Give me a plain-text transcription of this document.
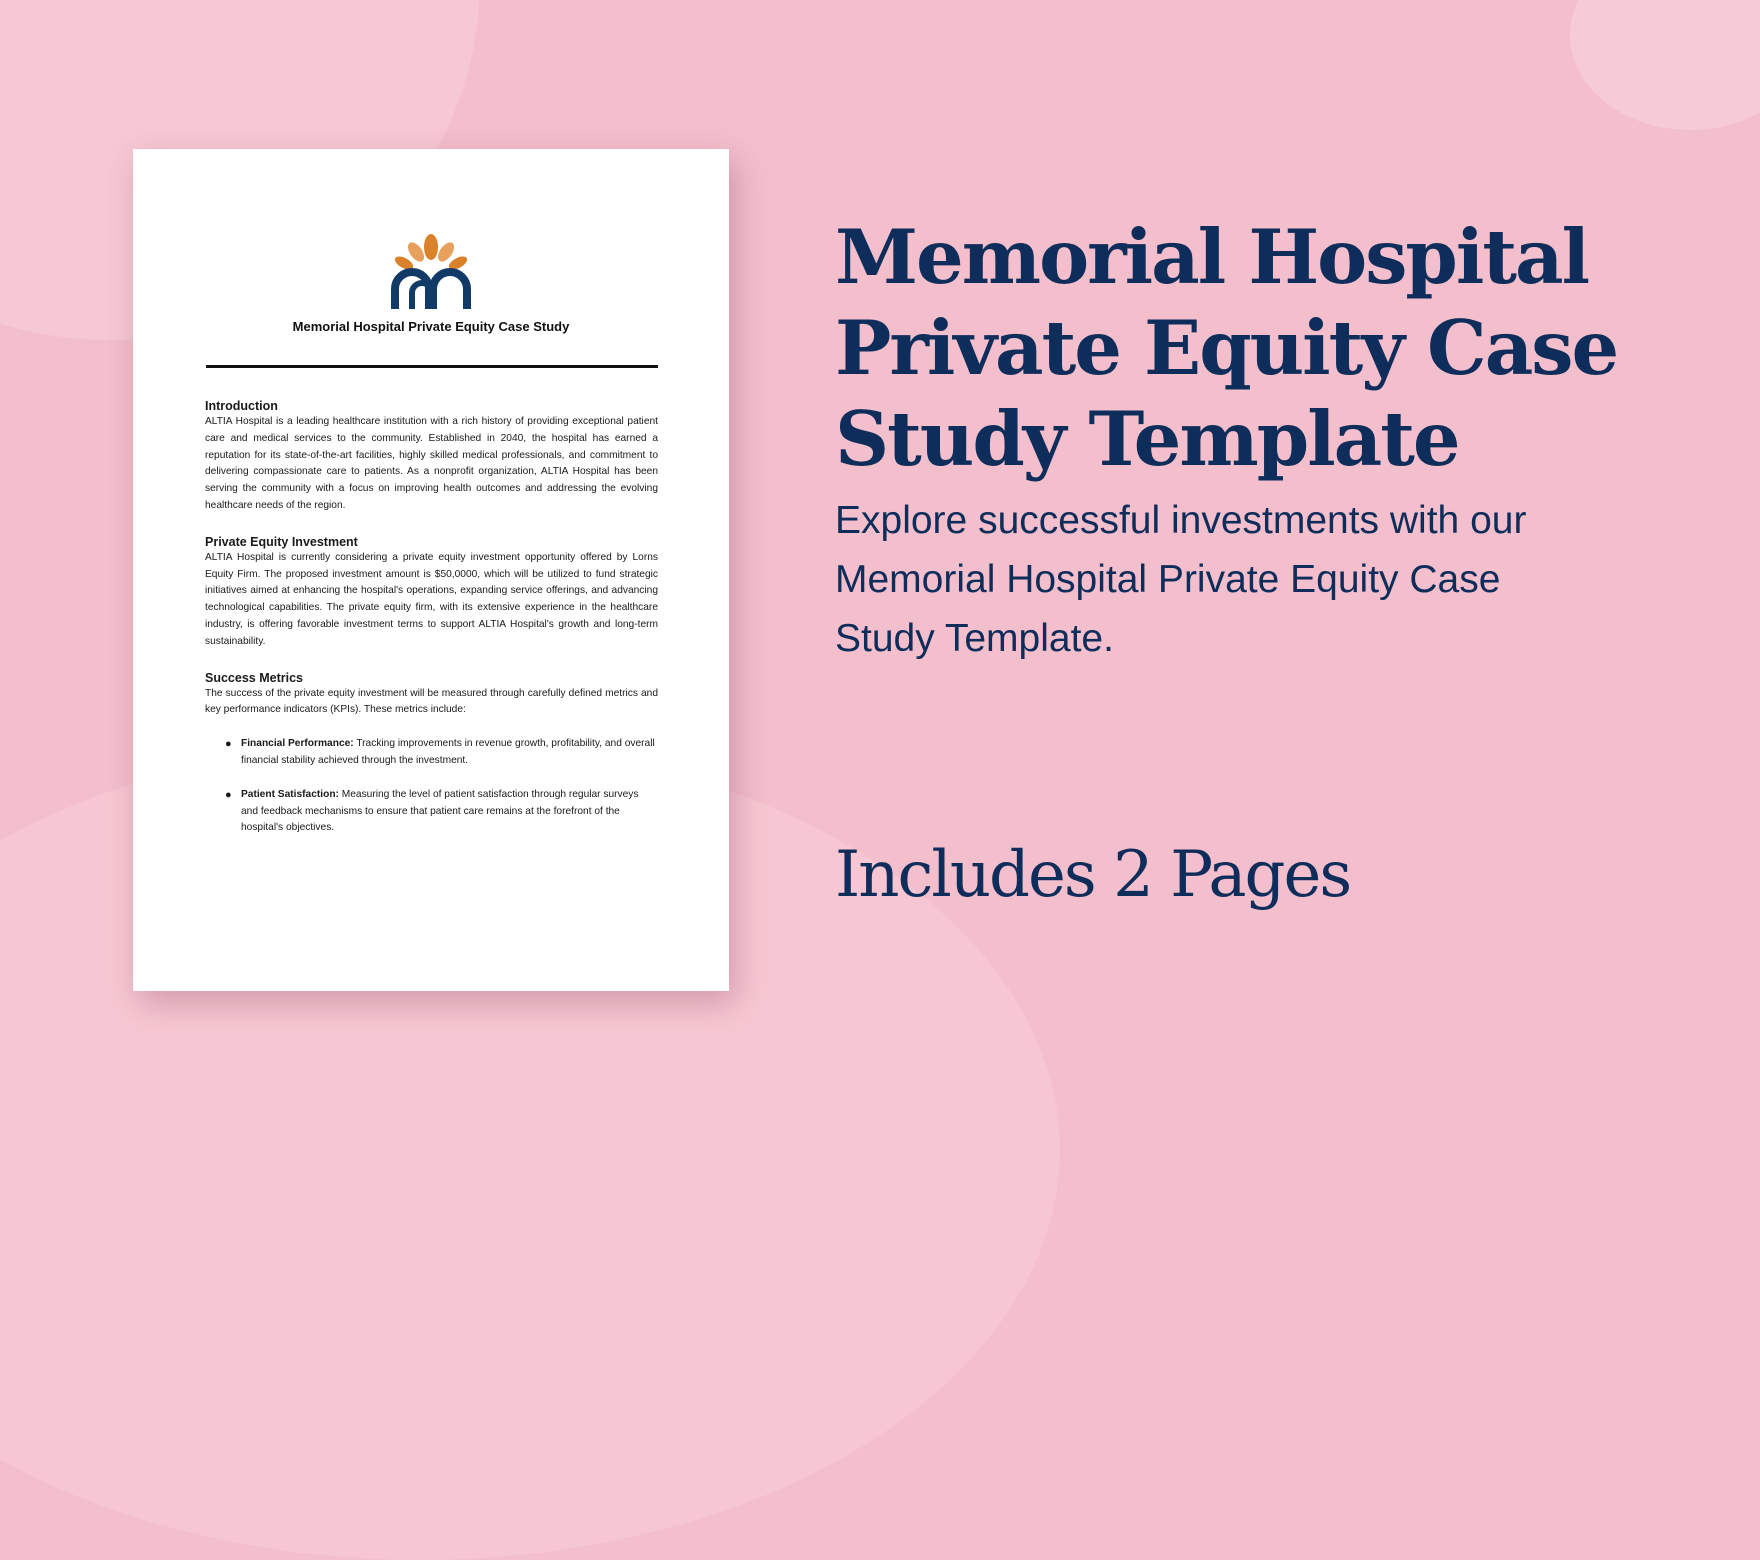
Memorial Hospital Private Equity Case Study

Introduction

ALTIA Hospital is a leading healthcare institution with a rich history of providing exceptional patient care and medical services to the community. Established in 2040, the hospital has earned a reputation for its state-of-the-art facilities, highly skilled medical professionals, and commitment to delivering compassionate care to patients. As a nonprofit organization, ALTIA Hospital has been serving the community with a focus on improving health outcomes and addressing the evolving healthcare needs of the region.

Private Equity Investment

ALTIA Hospital is currently considering a private equity investment opportunity offered by Lorns Equity Firm. The proposed investment amount is $50,0000, which will be utilized to fund strategic initiatives aimed at enhancing the hospital's operations, expanding service offerings, and advancing technological capabilities. The private equity firm, with its extensive experience in the healthcare industry, is offering favorable investment terms to support ALTIA Hospital's growth and long-term sustainability.

Success Metrics

The success of the private equity investment will be measured through carefully defined metrics and key performance indicators (KPIs). These metrics include:

● Financial Performance: Tracking improvements in revenue growth, profitability, and overall financial stability achieved through the investment.
● Patient Satisfaction: Measuring the level of patient satisfaction through regular surveys and feedback mechanisms to ensure that patient care remains at the forefront of the hospital's objectives.
Memorial Hospital
Private Equity Case
Study Template

Explore successful investments with our Memorial Hospital Private Equity Case Study Template.

Includes 2 Pages
